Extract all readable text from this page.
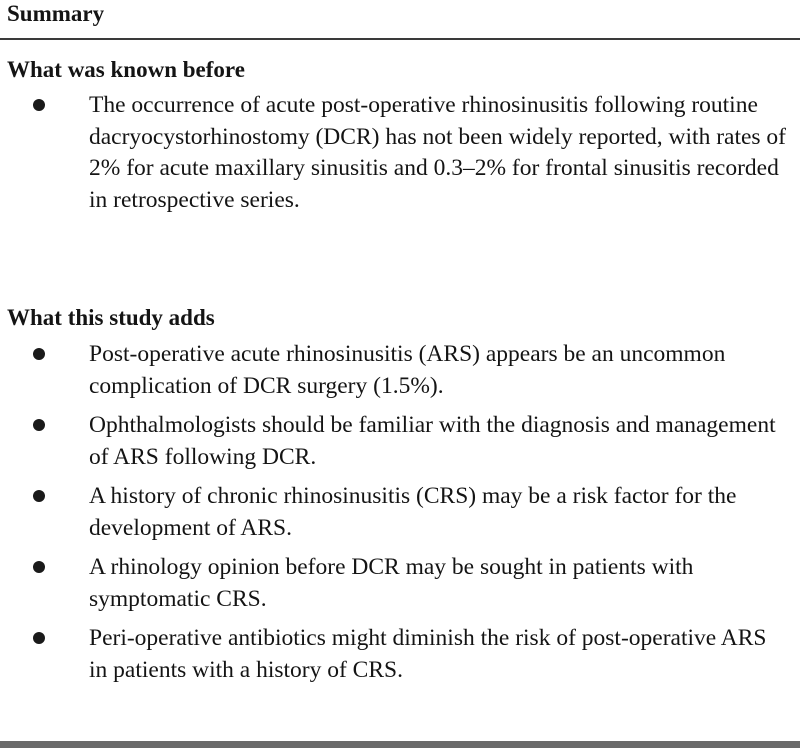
Summary
What was known before
The occurrence of acute post-operative rhinosinusitis following routine dacryocystorhinostomy (DCR) has not been widely reported, with rates of 2% for acute maxillary sinusitis and 0.3–2% for frontal sinusitis recorded in retrospective series.
What this study adds
Post-operative acute rhinosinusitis (ARS) appears be an uncommon complication of DCR surgery (1.5%).
Ophthalmologists should be familiar with the diagnosis and management of ARS following DCR.
A history of chronic rhinosinusitis (CRS) may be a risk factor for the development of ARS.
A rhinology opinion before DCR may be sought in patients with symptomatic CRS.
Peri-operative antibiotics might diminish the risk of post-operative ARS in patients with a history of CRS.
